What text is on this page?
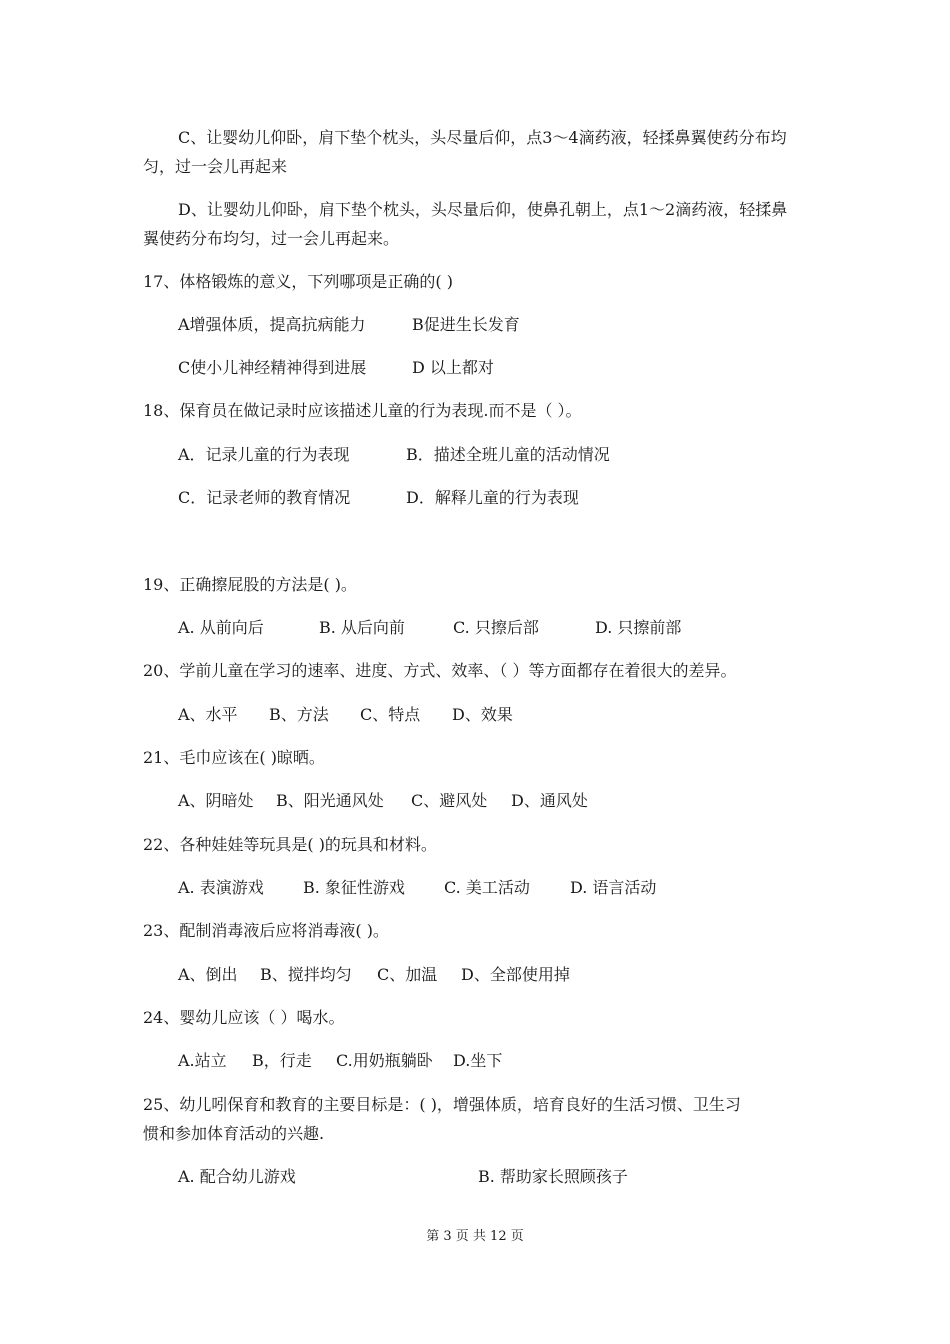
C、让婴幼儿仰卧，肩下垫个枕头，头尽量后仰，点3～4滴药液，轻揉鼻翼使药分布均
匀，过一会儿再起来
D、让婴幼儿仰卧，肩下垫个枕头，头尽量后仰，使鼻孔朝上，点1～2滴药液，轻揉鼻
翼使药分布均匀，过一会儿再起来。
17、体格锻炼的意义，下列哪项是正确的( )
A增强体质，提高抗病能力	B促进生长发育
C使小儿神经精神得到进展	D 以上都对
18、保育员在做记录时应该描述儿童的行为表现.而不是（ ）。
A．记录儿童的行为表现	B．描述全班儿童的活动情况
C．记录老师的教育情况	D．解释儿童的行为表现
19、正确擦屁股的方法是( )。
A. 从前向后	B. 从后向前	C. 只擦后部	D. 只擦前部
20、学前儿童在学习的速率、进度、方式、效率、（ ）等方面都存在着很大的差异。
A、水平 B、方法 C、特点 D、效果
21、毛巾应该在( )晾晒。
A、阴暗处 B、阳光通风处 C、避风处 D、通风处
22、各种娃娃等玩具是( )的玩具和材料。
A. 表演游戏 B. 象征性游戏 C. 美工活动	D. 语言活动
23、配制消毒液后应将消毒液( )。
A、倒出 B、搅拌均匀 C、加温 D、全部使用掉
24、婴幼儿应该（ ）喝水。
A.站立 B，行走 C.用奶瓶躺卧 D.坐下
25、幼儿吲保育和教育的主要目标是：( )，增强体质，培育良好的生活习惯、卫生习
惯和参加体育活动的兴趣.
A. 配合幼儿游戏	B. 帮助家长照顾孩子
第 3 页 共 12 页
